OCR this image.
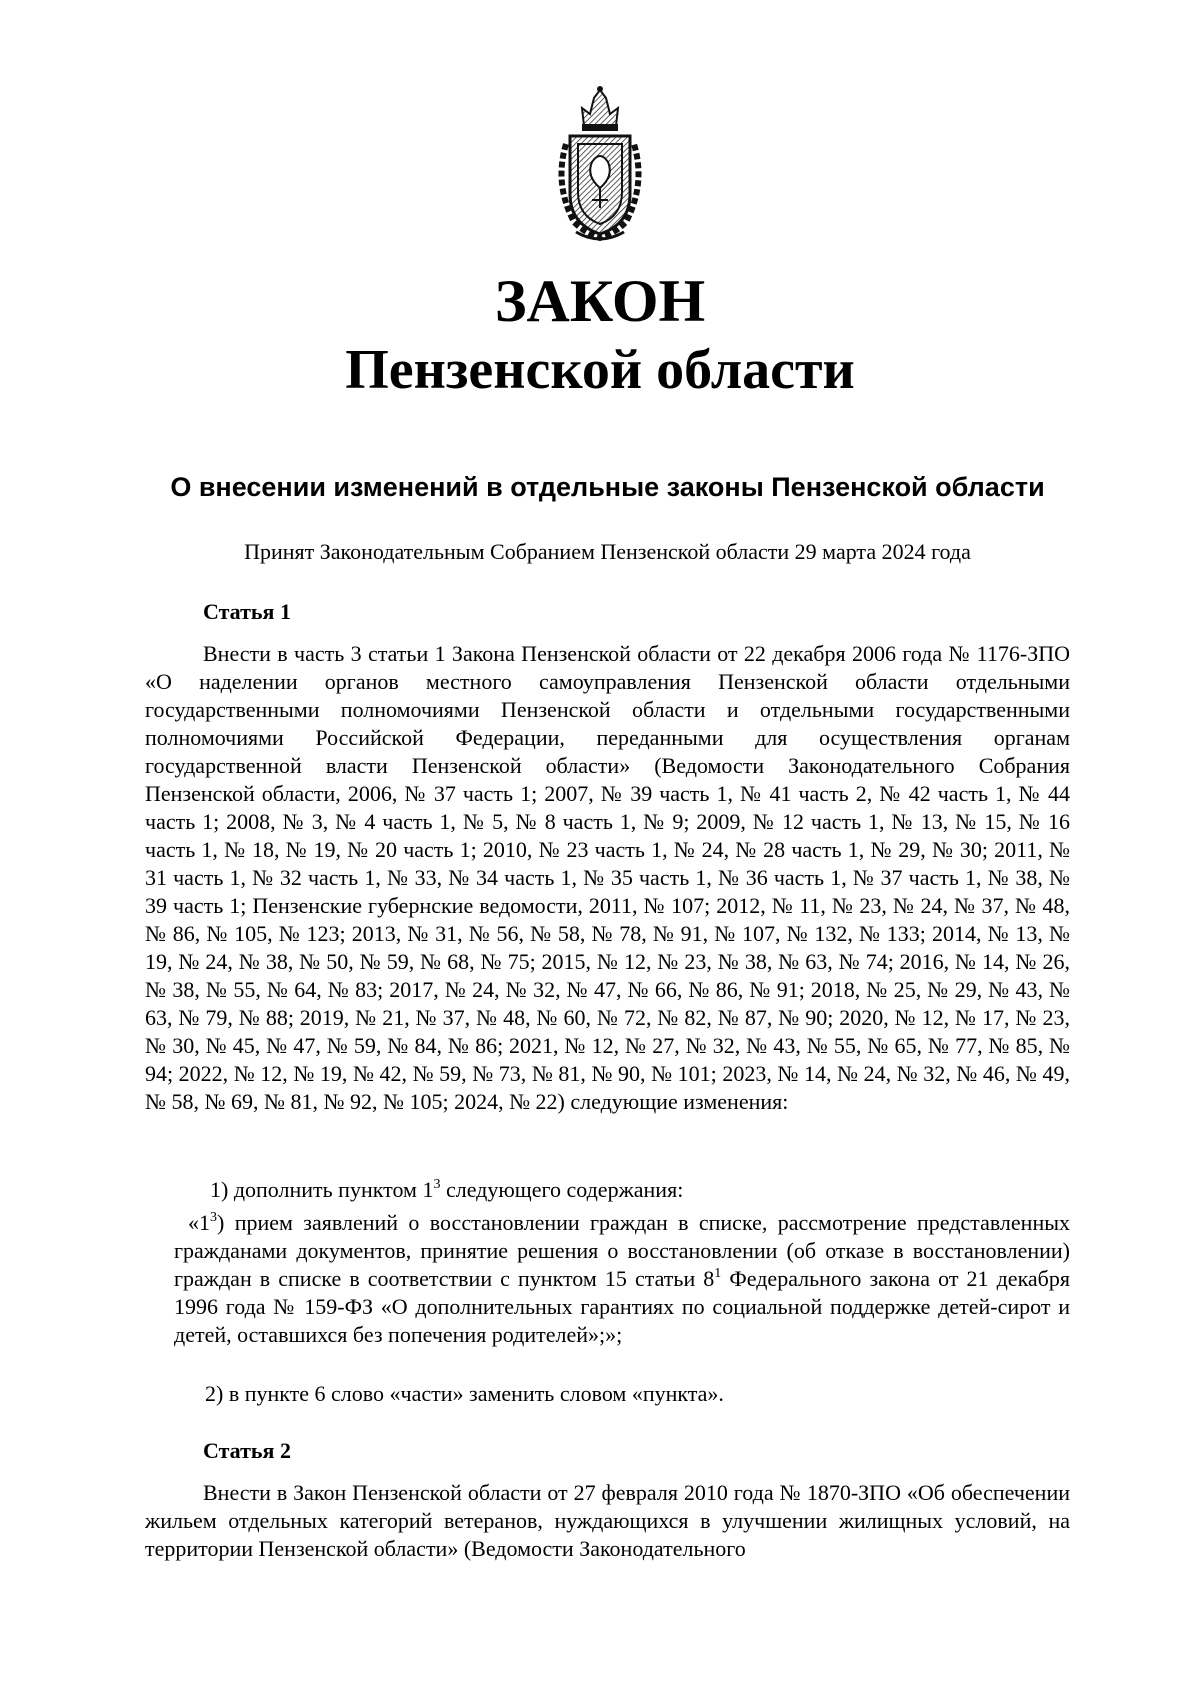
ЗАКОН
Пензенской области
О внесении изменений в отдельные законы Пензенской области
Принят Законодательным Собранием Пензенской области 29 марта 2024 года
Статья 1
Внести в часть 3 статьи 1 Закона Пензенской области от 22 декабря 2006 года № 1176-ЗПО «О наделении органов местного самоуправления Пензенской области отдельными государственными полномочиями Пензенской области и отдельными государственными полномочиями Российской Федерации, переданными для осуществления органам государственной власти Пензенской области» (Ведомости Законодательного Собрания Пензенской области, 2006, № 37 часть 1; 2007, № 39 часть 1, № 41 часть 2, № 42 часть 1, № 44 часть 1; 2008, № 3, № 4 часть 1, № 5, № 8 часть 1, № 9; 2009, № 12 часть 1, № 13, № 15, № 16 часть 1, № 18, № 19, № 20 часть 1; 2010, № 23 часть 1, № 24, № 28 часть 1, № 29, № 30; 2011, № 31 часть 1, № 32 часть 1, № 33, № 34 часть 1, № 35 часть 1, № 36 часть 1, № 37 часть 1, № 38, № 39 часть 1; Пензенские губернские ведомости, 2011, № 107; 2012, № 11, № 23, № 24, № 37, № 48, № 86, № 105, № 123; 2013, № 31, № 56, № 58, № 78, № 91, № 107, № 132, № 133; 2014, № 13, № 19, № 24, № 38, № 50, № 59, № 68, № 75; 2015, № 12, № 23, № 38, № 63, № 74; 2016, № 14, № 26, № 38, № 55, № 64, № 83; 2017, № 24, № 32, № 47, № 66, № 86, № 91; 2018, № 25, № 29, № 43, № 63, № 79, № 88; 2019, № 21, № 37, № 48, № 60, № 72, № 82, № 87, № 90; 2020, № 12, № 17, № 23, № 30, № 45, № 47, № 59, № 84, № 86; 2021, № 12, № 27, № 32, № 43, № 55, № 65, № 77, № 85, № 94; 2022, № 12, № 19, № 42, № 59, № 73, № 81, № 90, № 101; 2023, № 14, № 24, № 32, № 46, № 49, № 58, № 69, № 81, № 92, № 105; 2024, № 22) следующие изменения:
1) дополнить пунктом $1^3$ следующего содержания:
«$1^3$) прием заявлений о восстановлении граждан в списке, рассмотрение представленных гражданами документов, принятие решения о восстановлении (об отказе в восстановлении) граждан в списке в соответствии с пунктом 15 статьи $8^1$ Федерального закона от 21 декабря 1996 года № 159-ФЗ «О дополнительных гарантиях по социальной поддержке детей-сирот и детей, оставшихся без попечения родителей»;»;
2) в пункте 6 слово «части» заменить словом «пункта».
Статья 2
Внести в Закон Пензенской области от 27 февраля 2010 года № 1870-ЗПО «Об обеспечении жильем отдельных категорий ветеранов, нуждающихся в улучшении жилищных условий, на территории Пензенской области» (Ведомости Законодательного
